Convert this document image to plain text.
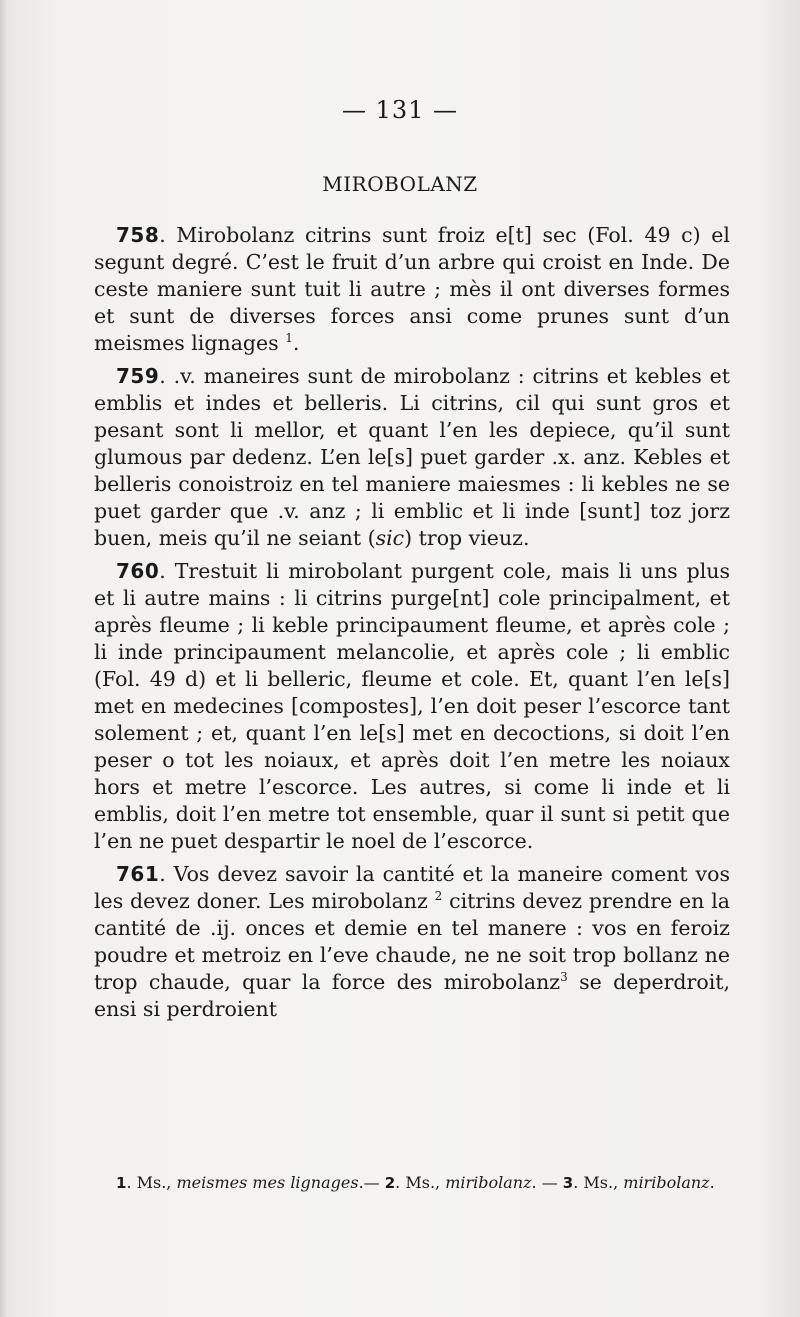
— 131 —
MIROBOLANZ

758. Mirobolanz citrins sunt froiz e[t] sec (Fol. 49 c) el segunt degré. C’est le fruit d’un arbre qui croist en Inde. De ceste maniere sunt tuit li autre ; mès il ont diverses formes et sunt de diverses forces ansi come prunes sunt d’un meismes lignages $^1$.

759. .v. maneires sunt de mirobolanz : citrins et kebles et emblis et indes et belleris. Li citrins, cil qui sunt gros et pesant sont li mellor, et quant l’en les depiece, qu’il sunt glumous par dedenz. L’en le[s] puet garder .x. anz. Kebles et belleris conoistroiz en tel maniere maiesmes : li kebles ne se puet garder que .v. anz ; li emblic et li inde [sunt] toz jorz buen, meis qu’il ne seiant (sic) trop vieuz.

760. Trestuit li mirobolant purgent cole, mais li uns plus et li autre mains : li citrins purge[nt] cole principalment, et après fleume ; li keble principaument fleume, et après cole ; li inde principaument melancolie, et après cole ; li emblic (Fol. 49 d) et li belleric, fleume et cole. Et, quant l’en le[s] met en medecines [compostes], l’en doit peser l’escorce tant solement ; et, quant l’en le[s] met en decoctions, si doit l’en peser o tot les noiaux, et après doit l’en metre les noiaux hors et metre l’escorce. Les autres, si come li inde et li emblis, doit l’en metre tot ensemble, quar il sunt si petit que l’en ne puet despartir le noel de l’escorce.

761. Vos devez savoir la cantité et la maneire coment vos les devez doner. Les mirobolanz $^2$ citrins devez prendre en la cantité de .ij. onces et demie en tel manere : vos en feroiz poudre et metroiz en l’eve chaude, ne ne soit trop bollanz ne trop chaude, quar la force des mirobolanz$^3$ se deperdroit, ensi si perdroient

1. Ms., meismes mes lignages.— 2. Ms., miribolanz. — 3. Ms., miribolanz.
